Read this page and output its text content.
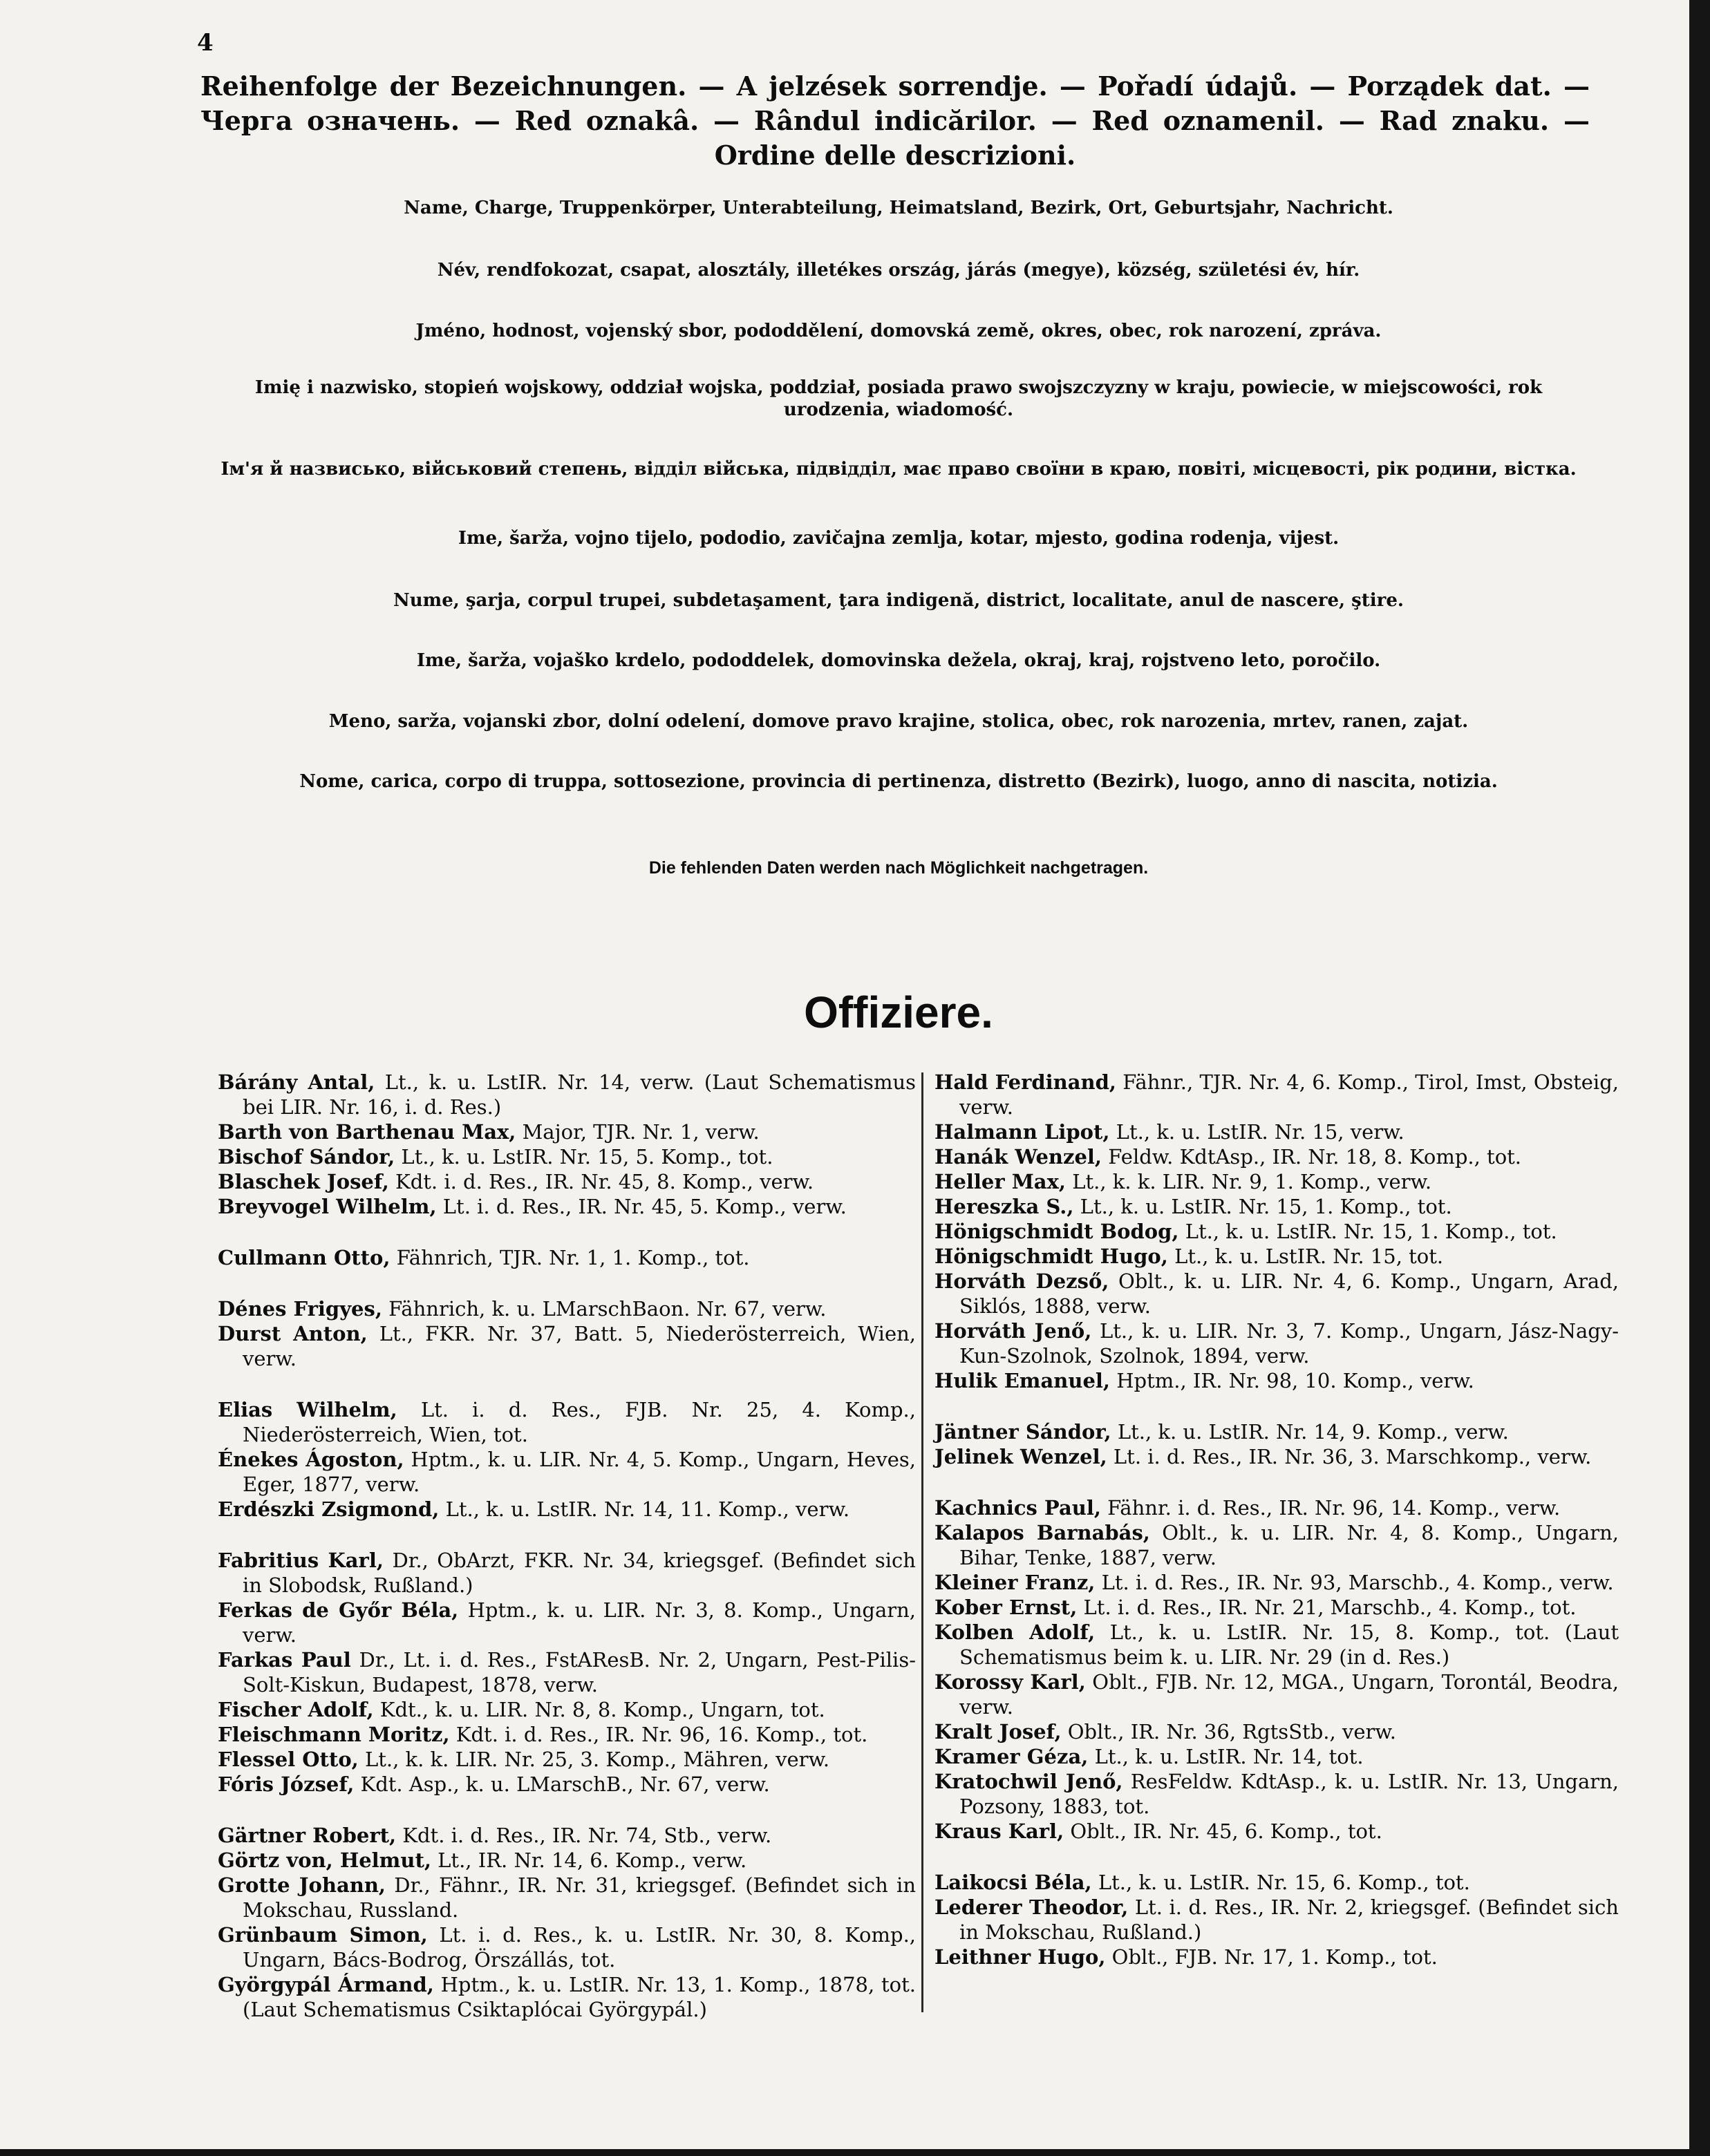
4
Reihenfolge der Bezeichnungen. — A jelzések sorrendje. — Pořadí údajů. — Porządek dat. —
Черга означень. — Red oznakâ. — Rândul indicărilor. — Red oznamenil. — Rad znaku. —
Ordine delle descrizioni.
Name, Charge, Truppenkörper, Unterabteilung, Heimatsland, Bezirk, Ort, Geburtsjahr, Nachricht.
Név, rendfokozat, csapat, alosztály, illetékes ország, járás (megye), község, születési év, hír.
Jméno, hodnost, vojenský sbor, pododdělení, domovská země, okres, obec, rok narození, zpráva.
Imię i nazwisko, stopień wojskowy, oddział wojska, poddział, posiada prawo swojszczyzny w kraju, powiecie, w miejscowości, rok urodzenia, wiadomość.
Ім'я й назвисько, військовий степень, відділ війська, підвідділ, має право своїни в краю, повіті, місцевості, рік родини, вістка.
Ime, šarža, vojno tijelo, pododio, zavičajna zemlja, kotar, mjesto, godina rodenja, vijest.
Nume, şarja, corpul trupei, subdetaşament, ţara indigenă, district, localitate, anul de nascere, ştire.
Ime, šarža, vojaško krdelo, pododdelek, domovinska dežela, okraj, kraj, rojstveno leto, poročilo.
Meno, sarža, vojanski zbor, dolní odelení, domove pravo krajine, stolica, obec, rok narozenia, mrtev, ranen, zajat.
Nome, carica, corpo di truppa, sottosezione, provincia di pertinenza, distretto (Bezirk), luogo, anno di nascita, notizia.
Die fehlenden Daten werden nach Möglichkeit nachgetragen.
Offiziere.
Bárány Antal, Lt., k. u. LstIR. Nr. 14, verw. (Laut Schematismus bei LIR. Nr. 16, i. d. Res.)
Barth von Barthenau Max, Major, TJR. Nr. 1, verw.
Bischof Sándor, Lt., k. u. LstIR. Nr. 15, 5. Komp., tot.
Blaschek Josef, Kdt. i. d. Res., IR. Nr. 45, 8. Komp., verw.
Breyvogel Wilhelm, Lt. i. d. Res., IR. Nr. 45, 5. Komp., verw.
Cullmann Otto, Fähnrich, TJR. Nr. 1, 1. Komp., tot.
Dénes Frigyes, Fähnrich, k. u. LMarschBaon. Nr. 67, verw.
Durst Anton, Lt., FKR. Nr. 37, Batt. 5, Niederösterreich, Wien, verw.
Elias Wilhelm, Lt. i. d. Res., FJB. Nr. 25, 4. Komp., Niederösterreich, Wien, tot.
Énekes Ágoston, Hptm., k. u. LIR. Nr. 4, 5. Komp., Ungarn, Heves, Eger, 1877, verw.
Erdészki Zsigmond, Lt., k. u. LstIR. Nr. 14, 11. Komp., verw.
Fabritius Karl, Dr., ObArzt, FKR. Nr. 34, kriegsgef. (Befindet sich in Slobodsk, Rußland.)
Ferkas de Győr Béla, Hptm., k. u. LIR. Nr. 3, 8. Komp., Ungarn, verw.
Farkas Paul Dr., Lt. i. d. Res., FstAResB. Nr. 2, Ungarn, Pest-Pilis-Solt-Kiskun, Budapest, 1878, verw.
Fischer Adolf, Kdt., k. u. LIR. Nr. 8, 8. Komp., Ungarn, tot.
Fleischmann Moritz, Kdt. i. d. Res., IR. Nr. 96, 16. Komp., tot.
Flessel Otto, Lt., k. k. LIR. Nr. 25, 3. Komp., Mähren, verw.
Fóris József, Kdt. Asp., k. u. LMarschB., Nr. 67, verw.
Gärtner Robert, Kdt. i. d. Res., IR. Nr. 74, Stb., verw.
Görtz von, Helmut, Lt., IR. Nr. 14, 6. Komp., verw.
Grotte Johann, Dr., Fähnr., IR. Nr. 31, kriegsgef. (Befindet sich in Mokschau, Russland.
Grünbaum Simon, Lt. i. d. Res., k. u. LstIR. Nr. 30, 8. Komp., Ungarn, Bács-Bodrog, Örszállás, tot.
Györgypál Ármand, Hptm., k. u. LstIR. Nr. 13, 1. Komp., 1878, tot. (Laut Schematismus Csiktaplócai Györgypál.)
Hald Ferdinand, Fähnr., TJR. Nr. 4, 6. Komp., Tirol, Imst, Obsteig, verw.
Halmann Lipot, Lt., k. u. LstIR. Nr. 15, verw.
Hanák Wenzel, Feldw. KdtAsp., IR. Nr. 18, 8. Komp., tot.
Heller Max, Lt., k. k. LIR. Nr. 9, 1. Komp., verw.
Hereszka S., Lt., k. u. LstIR. Nr. 15, 1. Komp., tot.
Hönigschmidt Bodog, Lt., k. u. LstIR. Nr. 15, 1. Komp., tot.
Hönigschmidt Hugo, Lt., k. u. LstIR. Nr. 15, tot.
Horváth Dezső, Oblt., k. u. LIR. Nr. 4, 6. Komp., Ungarn, Arad, Siklós, 1888, verw.
Horváth Jenő, Lt., k. u. LIR. Nr. 3, 7. Komp., Ungarn, Jász-Nagy-Kun-Szolnok, Szolnok, 1894, verw.
Hulik Emanuel, Hptm., IR. Nr. 98, 10. Komp., verw.
Jäntner Sándor, Lt., k. u. LstIR. Nr. 14, 9. Komp., verw.
Jelinek Wenzel, Lt. i. d. Res., IR. Nr. 36, 3. Marschkomp., verw.
Kachnics Paul, Fähnr. i. d. Res., IR. Nr. 96, 14. Komp., verw.
Kalapos Barnabás, Oblt., k. u. LIR. Nr. 4, 8. Komp., Ungarn, Bihar, Tenke, 1887, verw.
Kleiner Franz, Lt. i. d. Res., IR. Nr. 93, Marschb., 4. Komp., verw.
Kober Ernst, Lt. i. d. Res., IR. Nr. 21, Marschb., 4. Komp., tot.
Kolben Adolf, Lt., k. u. LstIR. Nr. 15, 8. Komp., tot. (Laut Schematismus beim k. u. LIR. Nr. 29 (in d. Res.)
Korossy Karl, Oblt., FJB. Nr. 12, MGA., Ungarn, Torontál, Beodra, verw.
Kralt Josef, Oblt., IR. Nr. 36, RgtsStb., verw.
Kramer Géza, Lt., k. u. LstIR. Nr. 14, tot.
Kratochwil Jenő, ResFeldw. KdtAsp., k. u. LstIR. Nr. 13, Ungarn, Pozsony, 1883, tot.
Kraus Karl, Oblt., IR. Nr. 45, 6. Komp., tot.
Laikocsi Béla, Lt., k. u. LstIR. Nr. 15, 6. Komp., tot.
Lederer Theodor, Lt. i. d. Res., IR. Nr. 2, kriegsgef. (Befindet sich in Mokschau, Rußland.)
Leithner Hugo, Oblt., FJB. Nr. 17, 1. Komp., tot.
